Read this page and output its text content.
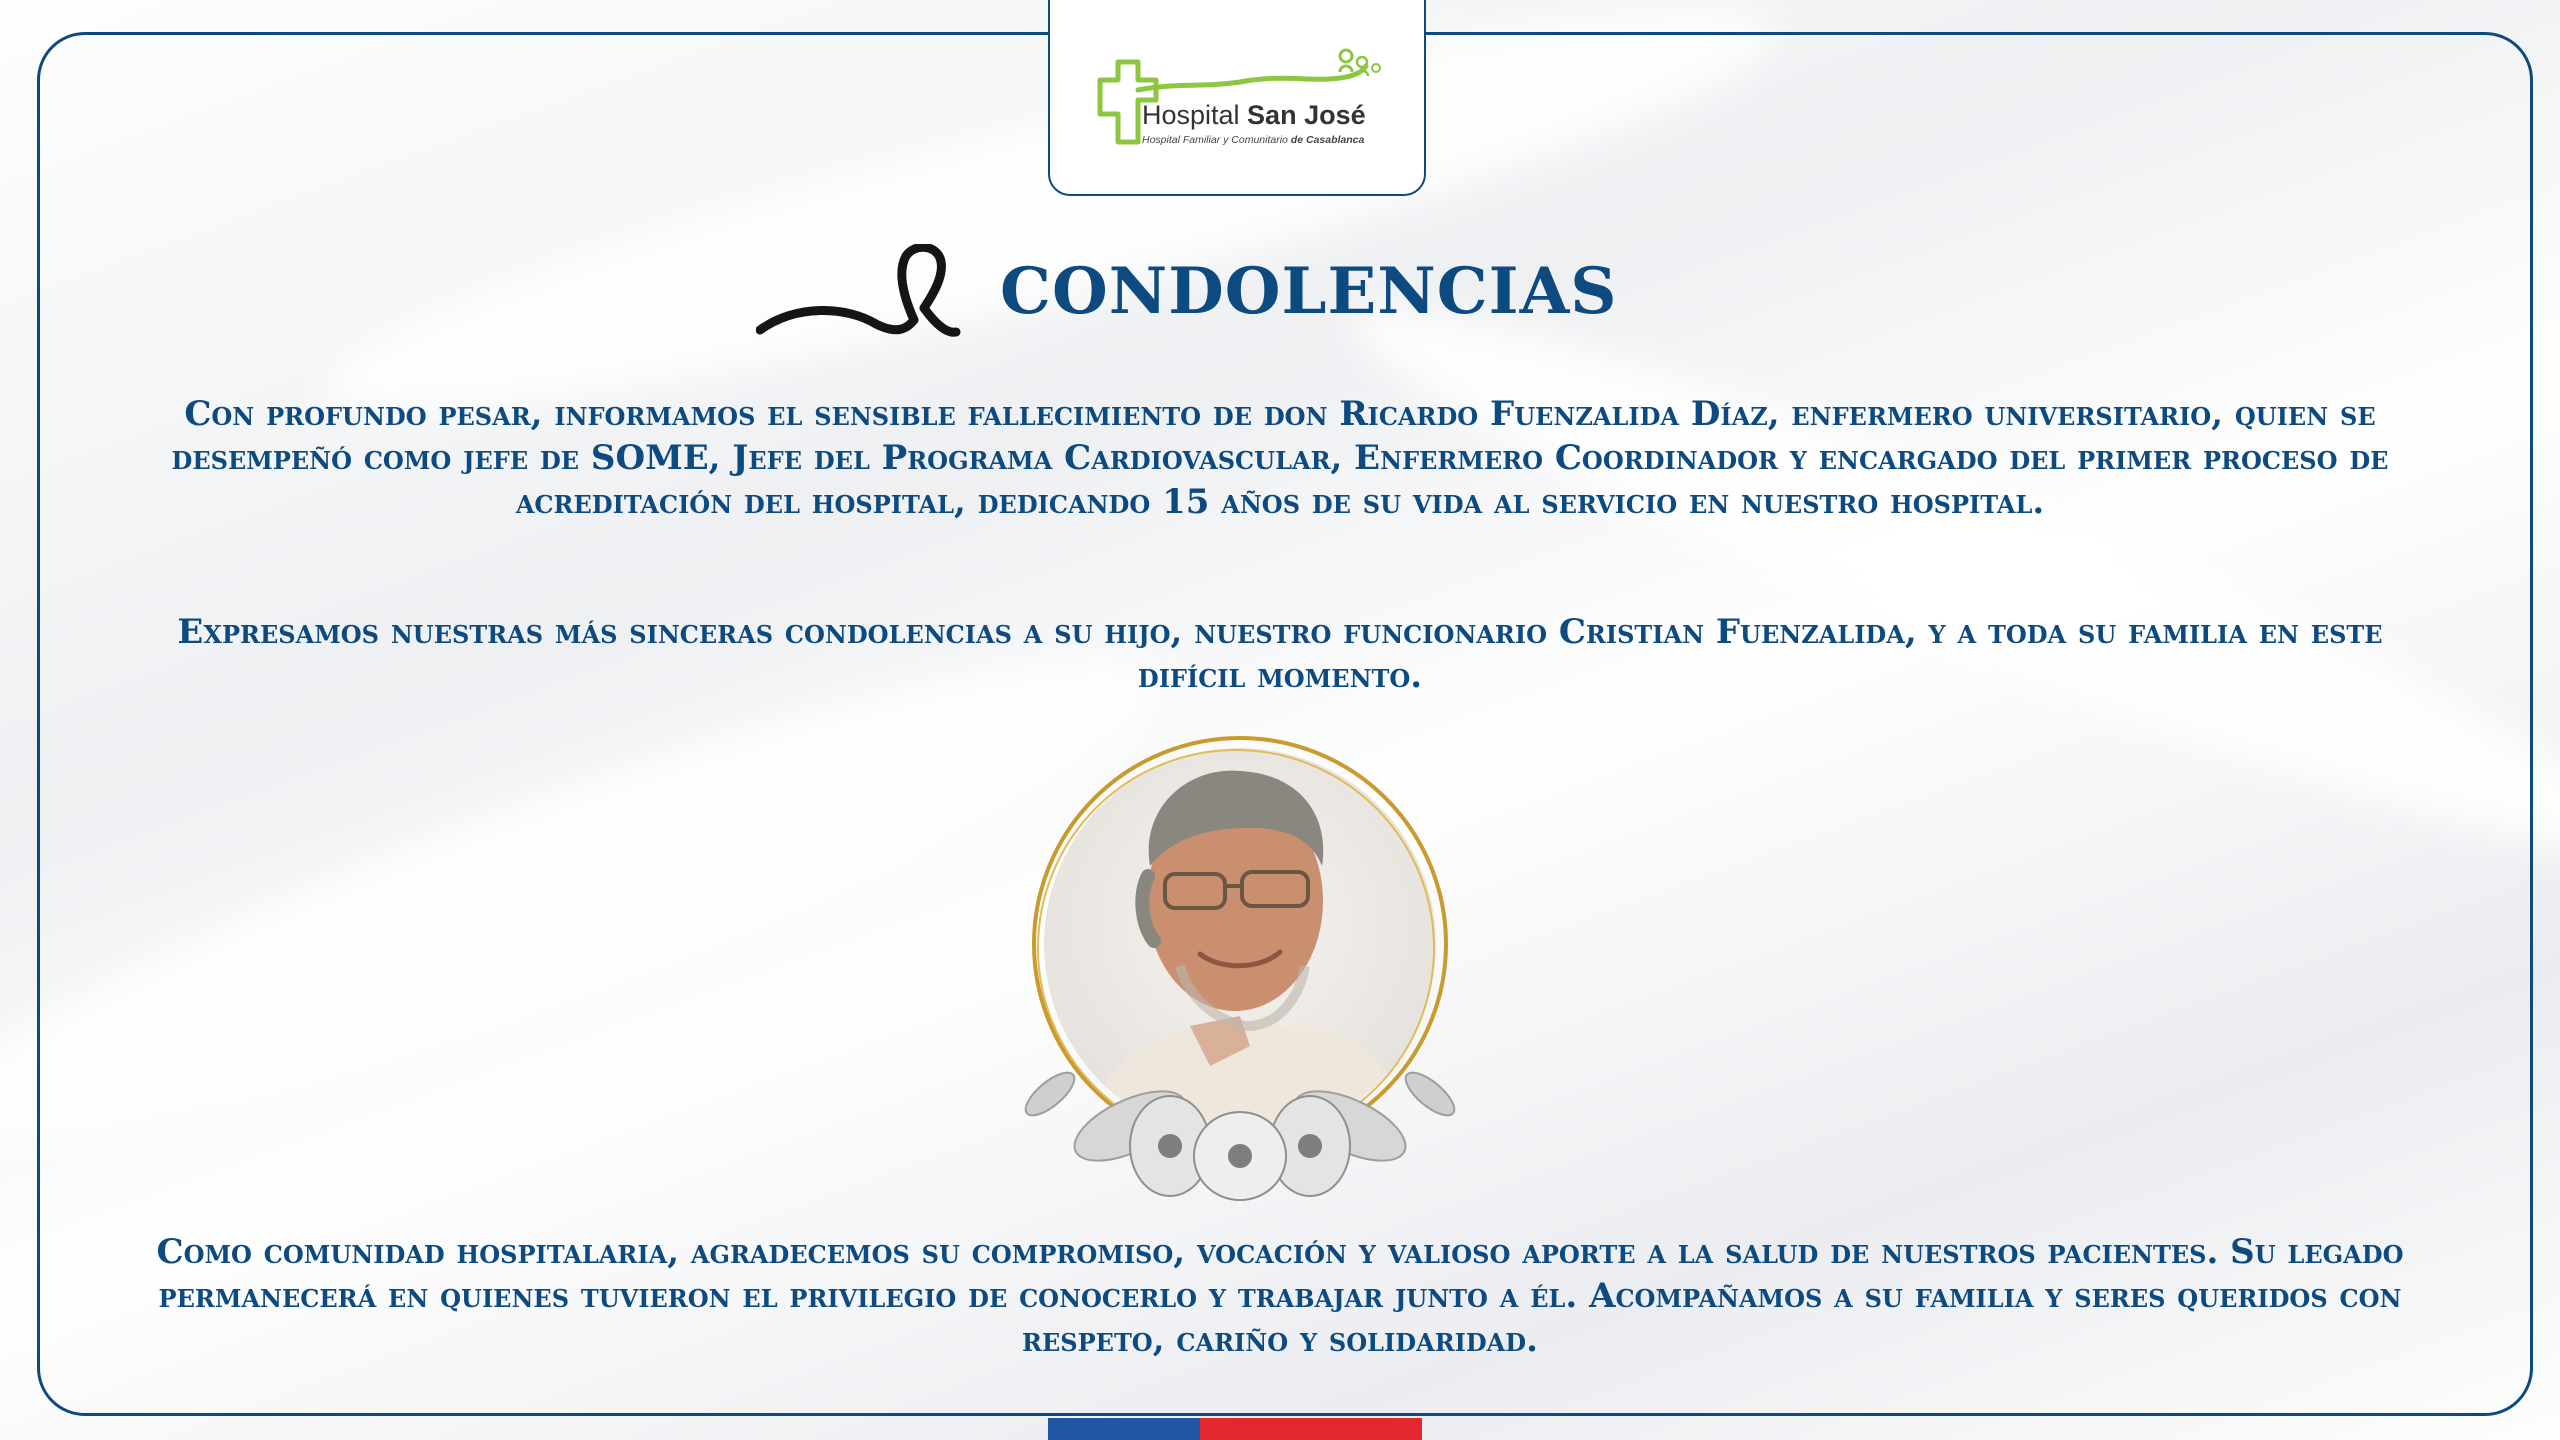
Hospital San José
Hospital Familiar y Comunitario de Casablanca
CONDOLENCIAS

Con profundo pesar, informamos el sensible fallecimiento de don Ricardo Fuenzalida Díaz, enfermero universitario, quien se desempeñó como jefe de SOME, Jefe del Programa Cardiovascular, Enfermero Coordinador y encargado del primer proceso de acreditación del hospital, dedicando 15 años de su vida al servicio en nuestro hospital.

Expresamos nuestras más sinceras condolencias a su hijo, nuestro funcionario Cristian Fuenzalida, y a toda su familia en este difícil momento.

Como comunidad hospitalaria, agradecemos su compromiso, vocación y valioso aporte a la salud de nuestros pacientes. Su legado permanecerá en quienes tuvieron el privilegio de conocerlo y trabajar junto a él. Acompañamos a su familia y seres queridos con respeto, cariño y solidaridad.
